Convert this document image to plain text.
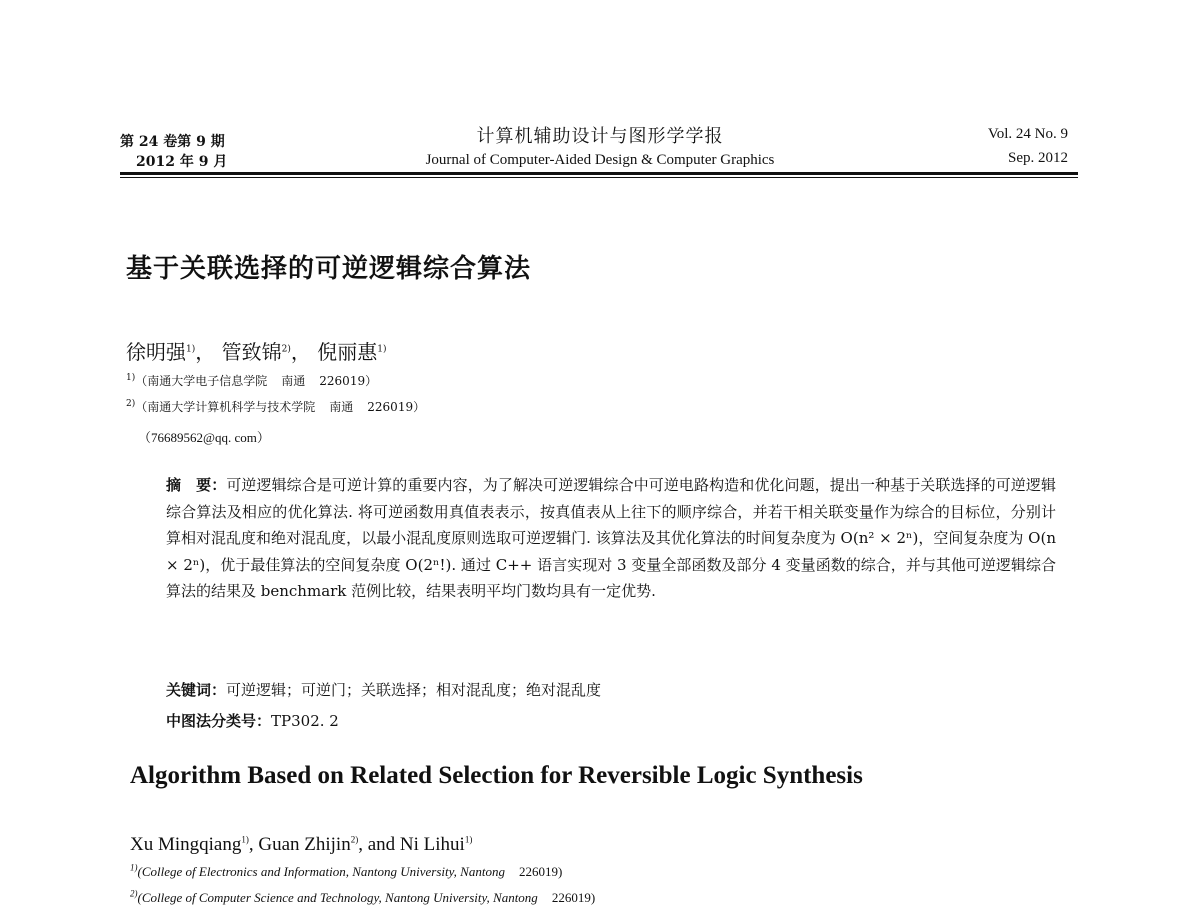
第 24 卷第 9 期
2012 年 9 月
计算机辅助设计与图形学学报
Journal of Computer-Aided Design & Computer Graphics
Vol. 24 No. 9
Sep. 2012
基于关联选择的可逆逻辑综合算法
徐明强$^{1)}$， 管致锦$^{2)}$， 倪丽惠$^{1)}$
$^{1)}$（南通大学电子信息学院 南通 226019）
$^{2)}$（南通大学计算机科学与技术学院 南通 226019）
（76689562@qq. com）
摘　要：可逆逻辑综合是可逆计算的重要内容，为了解决可逆逻辑综合中可逆电路构造和优化问题，提出一种基于关联选择的可逆逻辑综合算法及相应的优化算法. 将可逆函数用真值表表示，按真值表从上往下的顺序综合，并若干相关联变量作为综合的目标位，分别计算相对混乱度和绝对混乱度，以最小混乱度原则选取可逆逻辑门. 该算法及其优化算法的时间复杂度为 O(n² × 2ⁿ)，空间复杂度为 O(n × 2ⁿ)，优于最佳算法的空间复杂度 O(2ⁿ!). 通过 C++ 语言实现对 3 变量全部函数及部分 4 变量函数的综合，并与其他可逆逻辑综合算法的结果及 benchmark 范例比较，结果表明平均门数均具有一定优势.
关键词：可逆逻辑；可逆门；关联选择；相对混乱度；绝对混乱度
中图法分类号：TP302. 2
Algorithm Based on Related Selection for Reversible Logic Synthesis
Xu Mingqiang$^{1)}$, Guan Zhijin$^{2)}$, and Ni Lihui$^{1)}$
$^{1)}$(College of Electronics and Information, Nantong University, Nantong 226019)
$^{2)}$(College of Computer Science and Technology, Nantong University, Nantong 226019)
